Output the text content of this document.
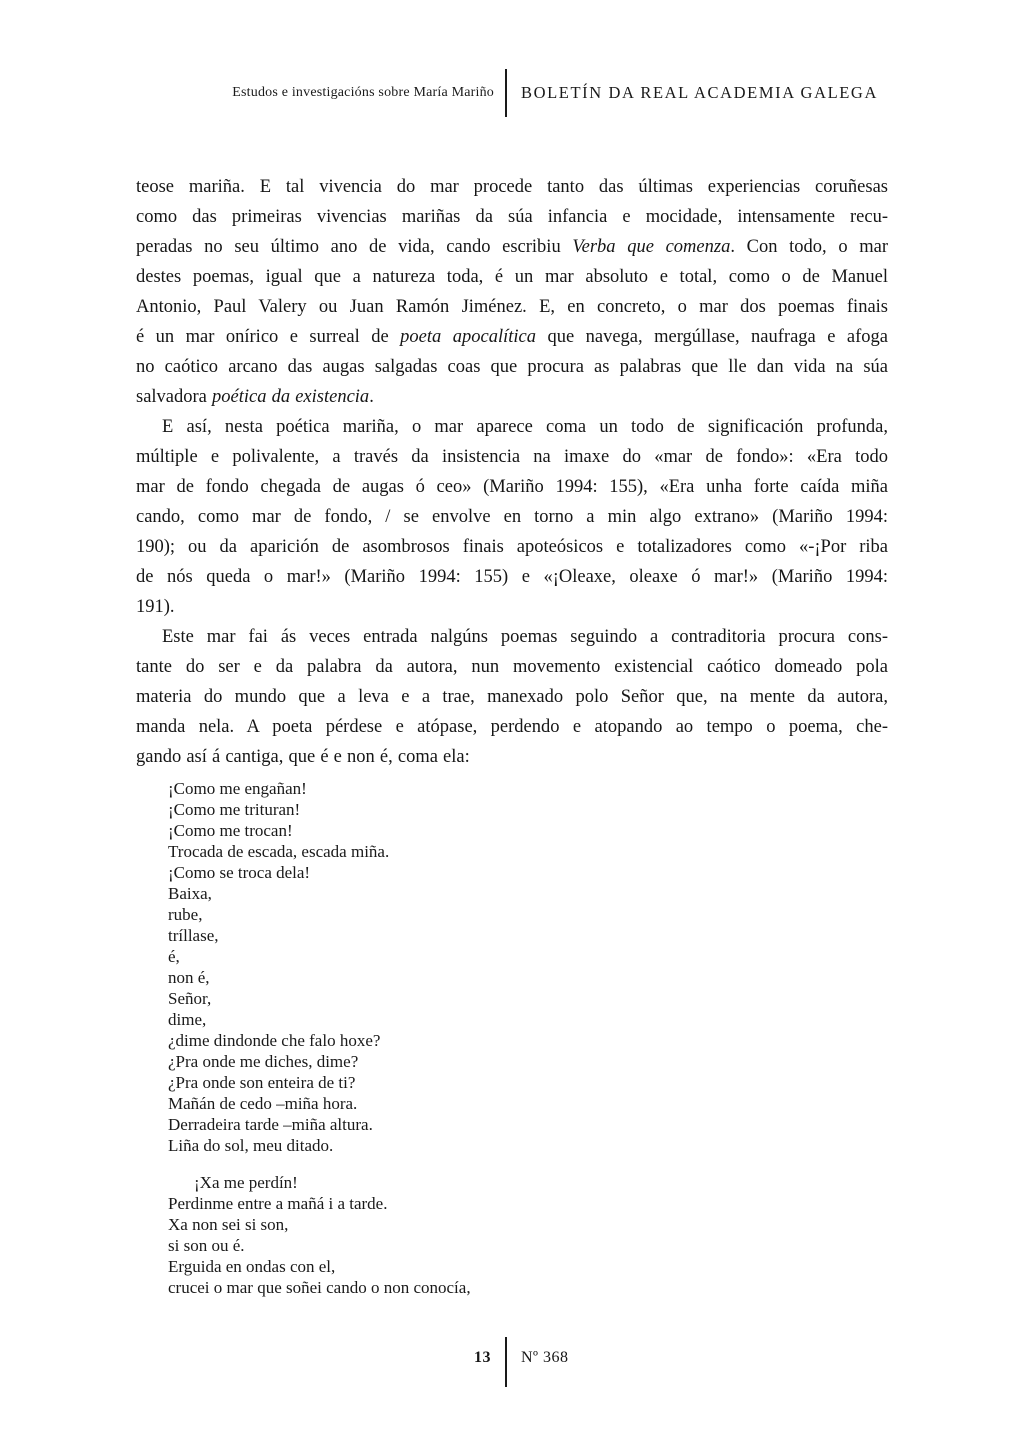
Estudos e investigacións sobre María Mariño BOLETÍN DA REAL ACADEMIA GALEGA
teose mariña. E tal vivencia do mar procede tanto das últimas experiencias coruñesas
como das primeiras vivencias mariñas da súa infancia e mocidade, intensamente recu-
peradas no seu último ano de vida, cando escribiu Verba que comenza. Con todo, o mar
destes poemas, igual que a natureza toda, é un mar absoluto e total, como o de Manuel
Antonio, Paul Valery ou Juan Ramón Jiménez. E, en concreto, o mar dos poemas finais
é un mar onírico e surreal de poeta apocalítica que navega, mergúllase, naufraga e afoga
no caótico arcano das augas salgadas coas que procura as palabras que lle dan vida na súa
salvadora poética da existencia.
E así, nesta poética mariña, o mar aparece coma un todo de significación profunda,
múltiple e polivalente, a través da insistencia na imaxe do «mar de fondo»: «Era todo
mar de fondo chegada de augas ó ceo» (Mariño 1994: 155), «Era unha forte caída miña
cando, como mar de fondo, / se envolve en torno a min algo extrano» (Mariño 1994:
190); ou da aparición de asombrosos finais apoteósicos e totalizadores como «-¡Por riba
de nós queda o mar!» (Mariño 1994: 155) e «¡Oleaxe, oleaxe ó mar!» (Mariño 1994:
191).
Este mar fai ás veces entrada nalgúns poemas seguindo a contraditoria procura cons-
tante do ser e da palabra da autora, nun movemento existencial caótico domeado pola
materia do mundo que a leva e a trae, manexado polo Señor que, na mente da autora,
manda nela. A poeta pérdese e atópase, perdendo e atopando ao tempo o poema, che-
gando así á cantiga, que é e non é, coma ela:
¡Como me engañan!
¡Como me trituran!
¡Como me trocan!
Trocada de escada, escada miña.
¡Como se troca dela!
Baixa,
rube,
tríllase,
é,
non é,
Señor,
dime,
¿dime dindonde che falo hoxe?
¿Pra onde me diches, dime?
¿Pra onde son enteira de ti?
Mañán de cedo –miña hora.
Derradeira tarde –miña altura.
Liña do sol, meu ditado.
¡Xa me perdín!
Perdinme entre a mañá i a tarde.
Xa non sei si son,
si son ou é.
Erguida en ondas con el,
crucei o mar que soñei cando o non conocía,
13 Nº 368
